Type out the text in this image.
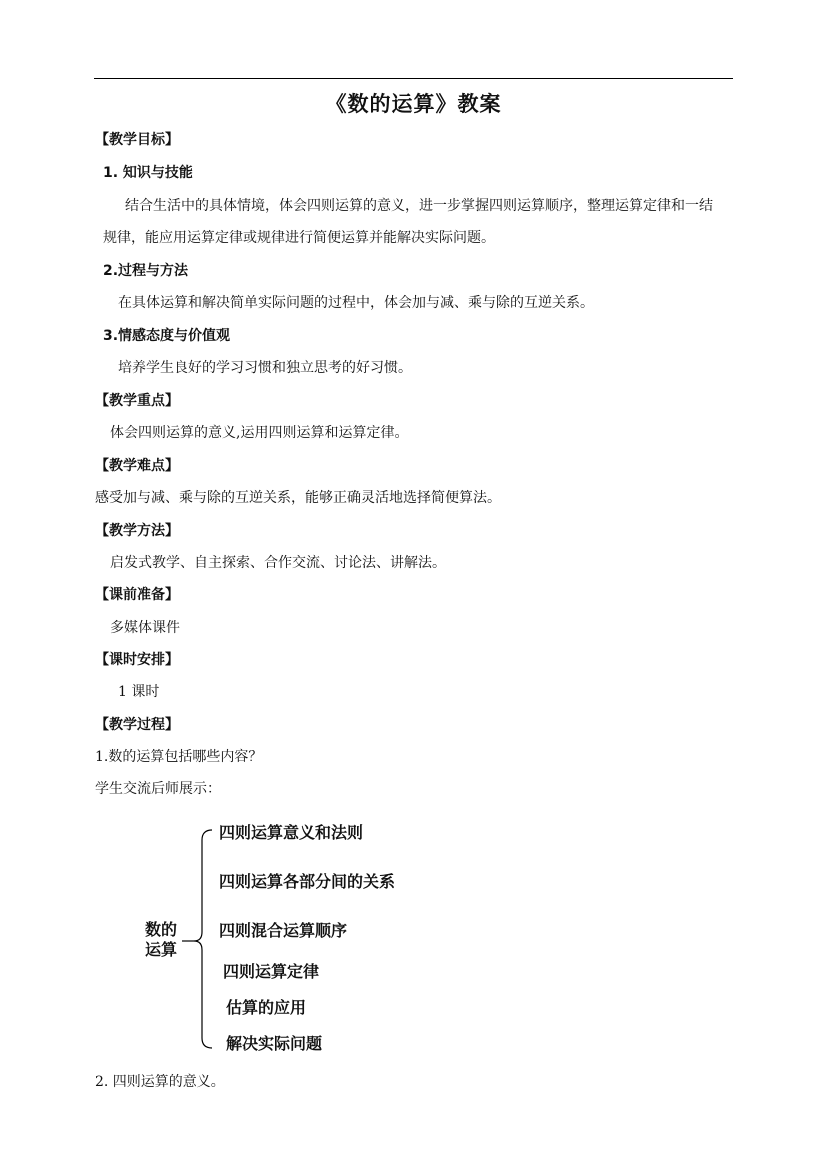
《数的运算》教案
【教学目标】
1. 知识与技能
结合生活中的具体情境，体会四则运算的意义，进一步掌握四则运算顺序，整理运算定律和一结
规律，能应用运算定律或规律进行简便运算并能解决实际问题。
2.过程与方法
在具体运算和解决简单实际问题的过程中，体会加与减、乘与除的互逆关系。
3.情感态度与价值观
培养学生良好的学习习惯和独立思考的好习惯。
【教学重点】
体会四则运算的意义,运用四则运算和运算定律。
【教学难点】
感受加与减、乘与除的互逆关系，能够正确灵活地选择简便算法。
【教学方法】
启发式教学、自主探索、合作交流、讨论法、讲解法。
【课前准备】
多媒体课件
【课时安排】
1 课时
【教学过程】
1.数的运算包括哪些内容？
学生交流后师展示：
数的
运算
四则运算意义和法则
四则运算各部分间的关系
四则混合运算顺序
四则运算定律
估算的应用
解决实际问题
2. 四则运算的意义。
